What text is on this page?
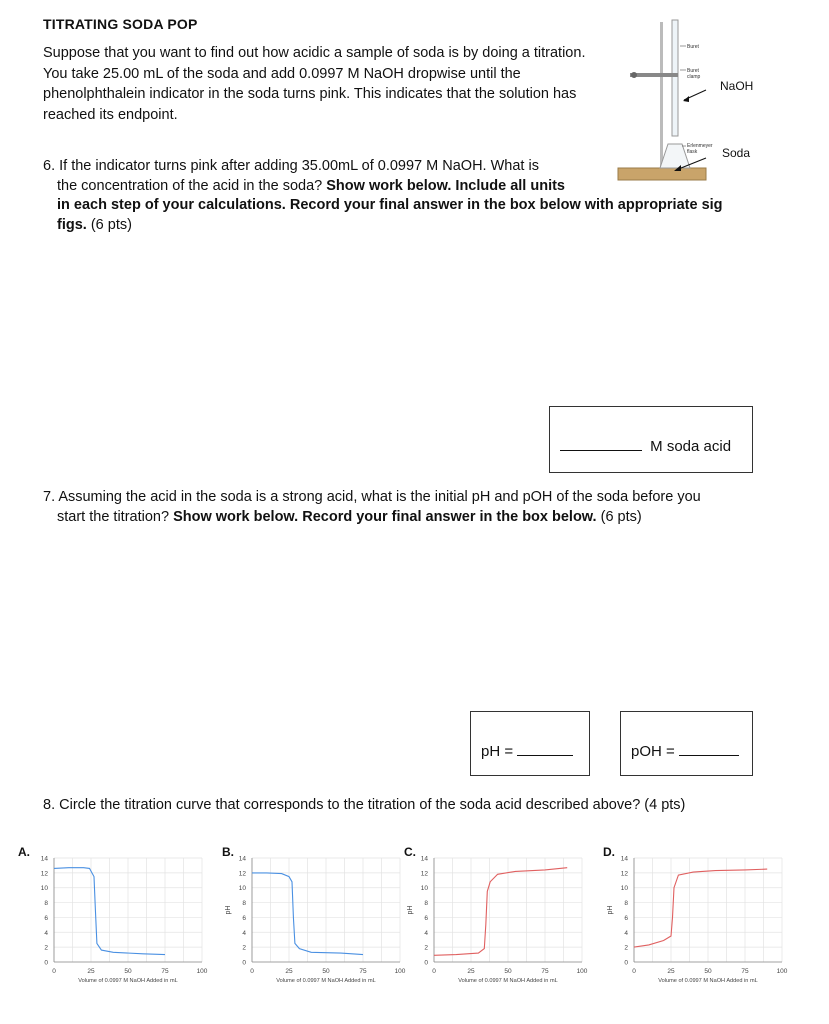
TITRATING SODA POP
Suppose that you want to find out how acidic a sample of soda is by doing a titration. You take 25.00 mL of the soda and add 0.0997 M NaOH dropwise until the phenolphthalein indicator in the soda turns pink. This indicates that the solution has reached its endpoint.
Buret
Buret
clamp
Erlenmeyer
flask
NaOH
Soda
6. If the indicator turns pink after adding 35.00mL of 0.0997 M NaOH. What is
the concentration of the acid in the soda? Show work below. Include all units
in each step of your calculations. Record your final answer in the box below with appropriate sig
figs. (6 pts)
M soda acid
7. Assuming the acid in the soda is a strong acid, what is the initial pH and pOH of the soda before you
start the titration? Show work below. Record your final answer in the box below. (6 pts)
pH =	pOH =
8. Circle the titration curve that corresponds to the titration of the soda acid described above? (4 pts)
A.
0
2
4
6
8
10
12
14
0	25	50	75	100
Volume of 0.0997 M NaOH Added in mL
B.
0
2
4
6
8
10
12
14
0	25	50	75	100
Volume of 0.0997 M NaOH Added in mL
pH
C.
0
2
4
6
8
10
12
14
0	25	50	75	100
Volume of 0.0997 M NaOH Added in mL
pH
D.
0
2
4
6
8
10
12
14
0	25	50	75	100
Volume of 0.0997 M NaOH Added in mL
pH
